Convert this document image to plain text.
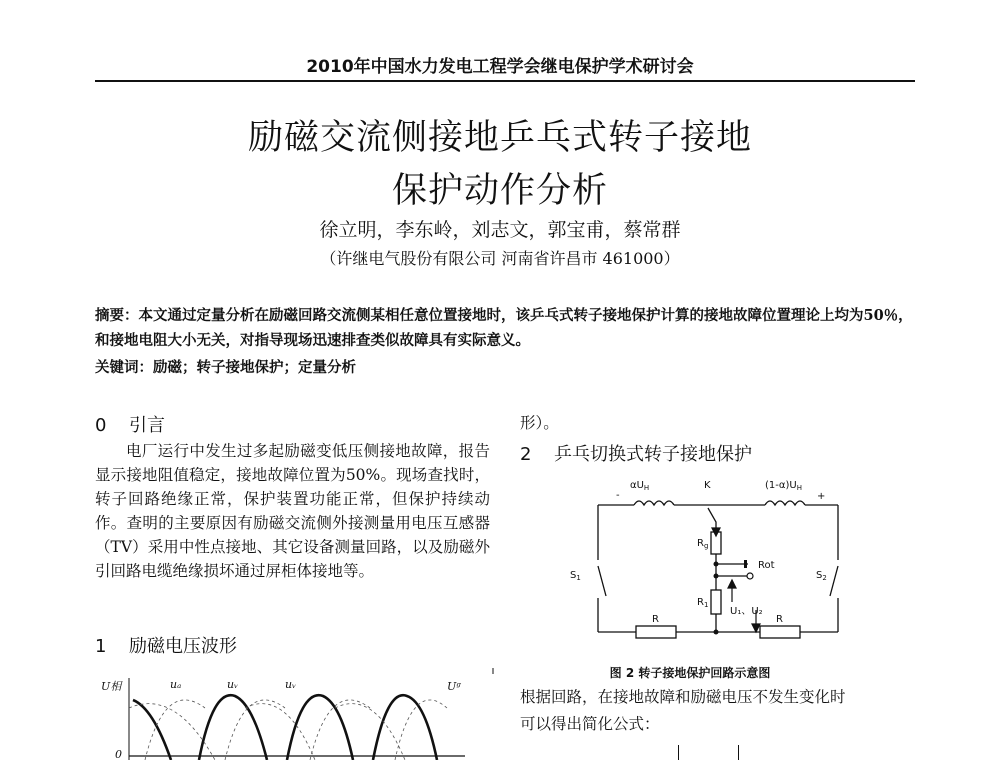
2010年中国水力发电工程学会继电保护学术研讨会
励磁交流侧接地乒乓式转子接地
保护动作分析
徐立明，李东岭，刘志文，郭宝甫，蔡常群
（许继电气股份有限公司 河南省许昌市 461000）
摘要：本文通过定量分析在励磁回路交流侧某相任意位置接地时，该乒乓式转子接地保护计算的接地故障位置理论上均为50％，和接地电阻大小无关，对指导现场迅速排查类似故障具有实际意义。
关键词：励磁；转子接地保护；定量分析
0 引言
电厂运行中发生过多起励磁变低压侧接地故障，报告显示接地阻值稳定，接地故障位置为50%。现场查找时，转子回路绝缘正常，保护装置功能正常，但保护持续动作。查明的主要原因有励磁交流侧外接测量用电压互感器（TV）采用中性点接地、其它设备测量回路，以及励磁外引回路电缆绝缘损坏通过屏柜体接地等。
1 励磁电压波形
U相	uₐ	uᵥ	uᵥ	Uᵍ
0
形）。
2 乒乓切换式转子接地保护
$\alpha U_H$	K	$(1-\alpha)U_H$
-	+
$R_g$
Rot
$S_1$	$S_2$
$R_1$
U₁、U₂
R	R
图 2 转子接地保护回路示意图
根据回路，在接地故障和励磁电压不发生变化时
可以得出简化公式：
